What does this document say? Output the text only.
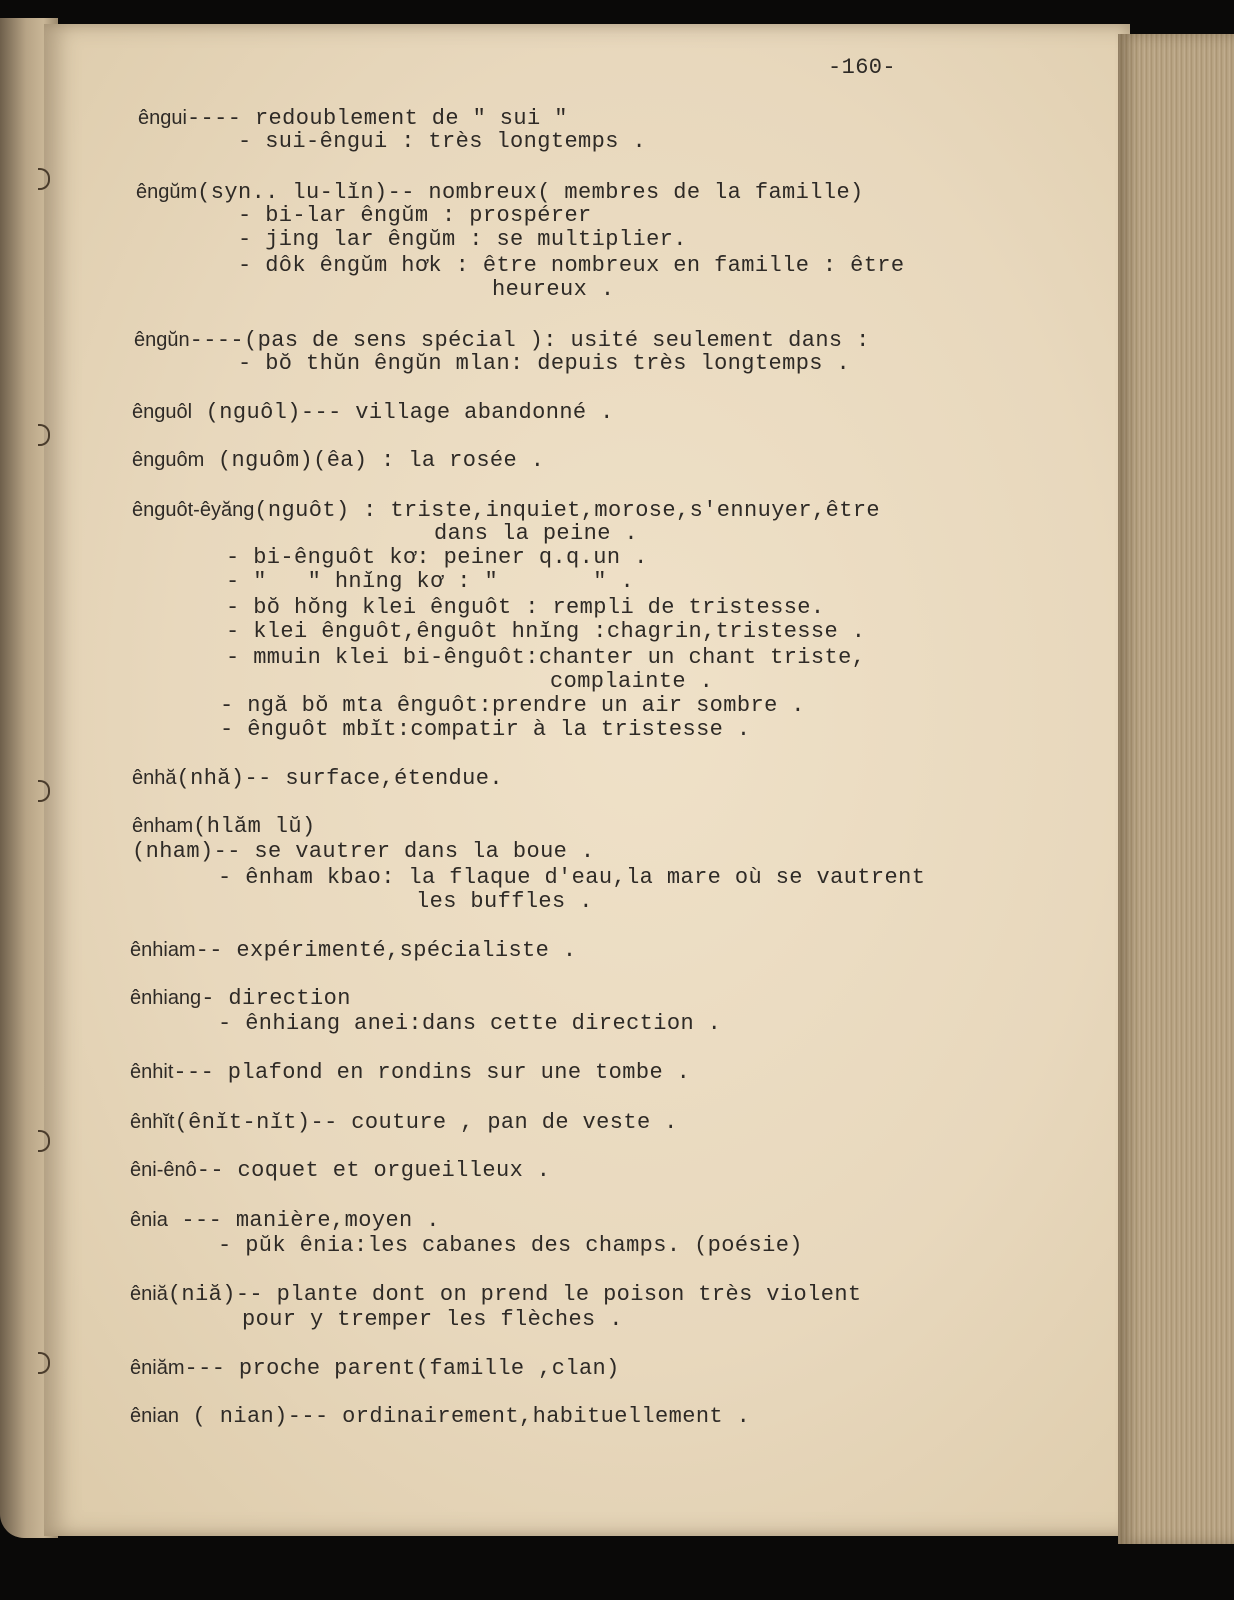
-160-
êngui---- redoublement de " sui "
- sui-êngui : très longtemps .
êngŭm(syn.. lu-lĭn)-- nombreux( membres de la famille)
- bi-lar êngŭm : prospérer
- jing lar êngŭm : se multiplier.
- dôk êngŭm hơk : être nombreux en famille : être
heureux .
êngŭn----(pas de sens spécial ): usité seulement dans :
- bŏ thŭn êngŭn mlan: depuis très longtemps .
ênguôl (nguôl)--- village abandonné .
ênguôm (nguôm)(êa) : la rosée .
ênguôt-êyăng(nguôt) : triste,inquiet,morose,s'ennuyer,être
dans la peine .
- bi-ênguôt kơ: peiner q.q.un .
- "   " hnĭng kơ : "       " .
- bŏ hŏng klei ênguôt : rempli de tristesse.
- klei ênguôt,ênguôt hnĭng :chagrin,tristesse .
- mmuin klei bi-ênguôt:chanter un chant triste,
complainte .
- ngă bŏ mta ênguôt:prendre un air sombre .
- ênguôt mbĭt:compatir à la tristesse .
ênhă(nhă)-- surface,étendue.
ênham(hlăm lŭ)
(nham)-- se vautrer dans la boue .
- ênham kbao: la flaque d'eau,la mare où se vautrent
les buffles .
ênhiam-- expérimenté,spécialiste .
ênhiang- direction
- ênhiang anei:dans cette direction .
ênhit--- plafond en rondins sur une tombe .
ênhĭt(ênĭt-nĭt)-- couture , pan de veste .
êni-ênô-- coquet et orgueilleux .
ênia --- manière,moyen .
- pŭk ênia:les cabanes des champs. (poésie)
êniă(niă)-- plante dont on prend le poison très violent
pour y tremper les flèches .
êniăm--- proche parent(famille ,clan)
ênian ( nian)--- ordinairement,habituellement .
